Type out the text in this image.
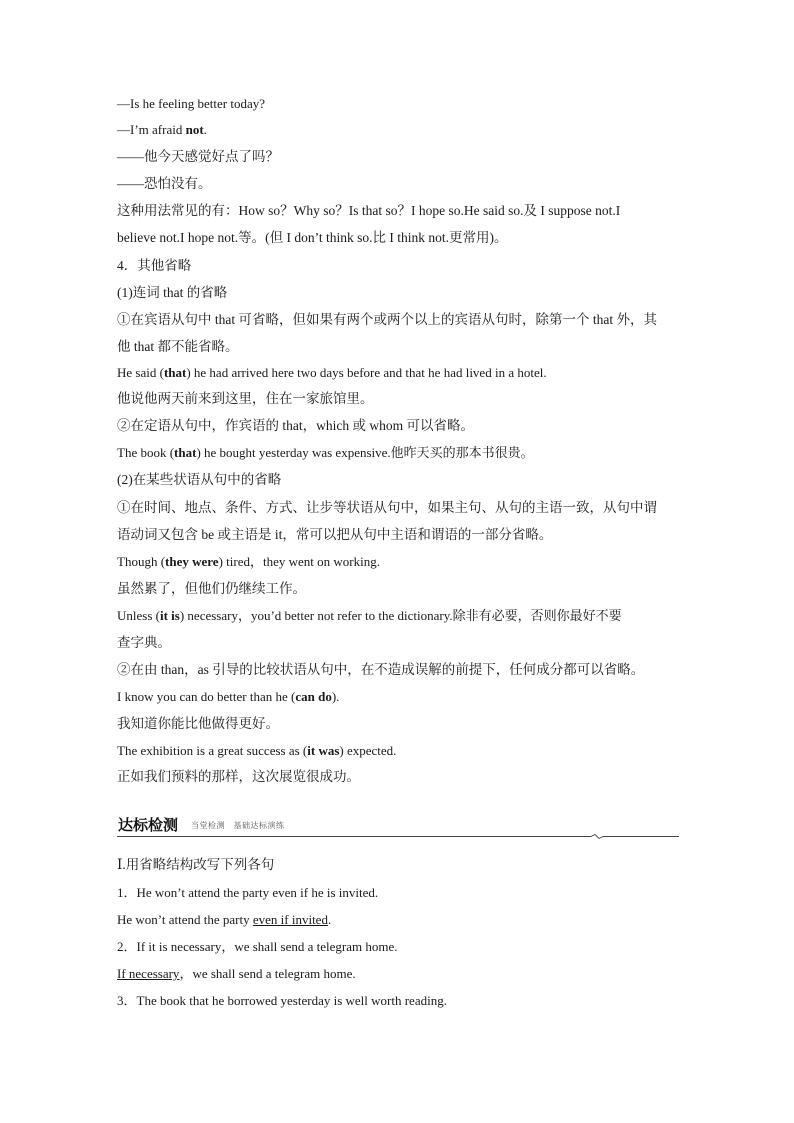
—Is he feeling better today?
—I’m afraid not.
——他今天感觉好点了吗？
——恐怕没有。
这种用法常见的有：How so？Why so？Is that so？I hope so.He said so.及 I suppose not.I
believe not.I hope not.等。(但 I don’t think so.比 I think not.更常用)。
4．其他省略
(1)连词 that 的省略
①在宾语从句中 that 可省略，但如果有两个或两个以上的宾语从句时，除第一个 that 外，其
他 that 都不能省略。
He said (that) he had arrived here two days before and that he had lived in a hotel.
他说他两天前来到这里，住在一家旅馆里。
②在定语从句中，作宾语的 that，which 或 whom 可以省略。
The book (that) he bought yesterday was expensive.他昨天买的那本书很贵。
(2)在某些状语从句中的省略
①在时间、地点、条件、方式、让步等状语从句中，如果主句、从句的主语一致，从句中谓
语动词又包含 be 或主语是 it，常可以把从句中主语和谓语的一部分省略。
Though (they were) tired，they went on working.
虽然累了，但他们仍继续工作。
Unless (it is) necessary，you’d better not refer to the dictionary.除非有必要，否则你最好不要
查字典。
②在由 than，as 引导的比较状语从句中，在不造成误解的前提下，任何成分都可以省略。
I know you can do better than he (can do).
我知道你能比他做得更好。
The exhibition is a great success as (it was) expected.
正如我们预料的那样，这次展览很成功。
达标检测 当堂检测　基础达标演练
Ⅰ.用省略结构改写下列各句
1．He won’t attend the party even if he is invited.
He won’t attend the party even if invited.
2．If it is necessary，we shall send a telegram home.
If necessary，we shall send a telegram home.
3．The book that he borrowed yesterday is well worth reading.
